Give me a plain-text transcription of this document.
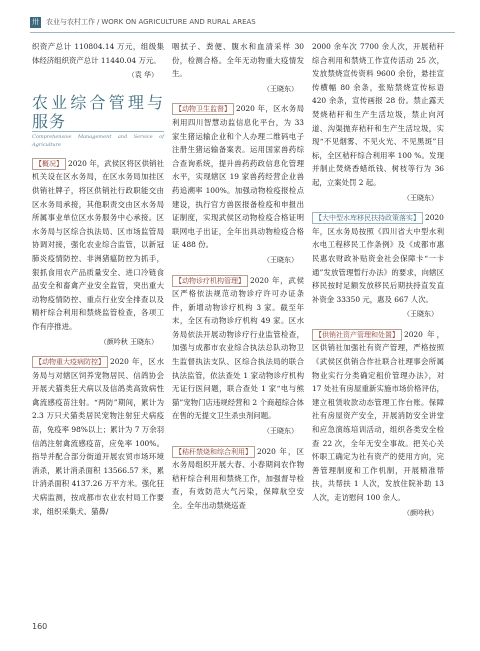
卅 农业与农村工作 / WORK ON AGRICULTURE AND RURAL AREAS

织资产总计 110804.14 万元，组级集体经济组织资产总计 11440.04 万元。

（袁 华）
农业综合管理与服务
Comprehensive Management and Service of Agriculture

【概况】 2020 年，武侯区将区供销社机关设在区水务局，在区水务局加挂区供销社牌子，将区供销社行政职能交由区水务局承接，其他职责交由区水务局所属事业单位区水务服务中心承接。区水务局与区综合执法局、区市场监管局协调对接，强化农业综合监管，以新冠肺炎疫情防控、非洲猪瘟防控为抓手，狠抓食用农产品质量安全、进口冷链食品安全和畜禽产业安全监管，突出重大动物疫情防控、重点行业安全排查以及精杆综合利用和禁烧监管检查，各项工作有序推进。

（颜吟秋 王晓东）

【动物重大疫病防控】 2020 年，区水务局与对辖区饲养宠物居民、信鸽协会开展犬猫类狂犬病以及信鸽类高致病性禽流感疫苗注射。“两防”期间，累计为 2.3 万只犬猫类居民宠物注射狂犬病疫苗，免疫率 98%以上；累计为 7 万余羽信鸽注射禽流感疫苗，应免率 100%。指导并配合部分街道开展农贸市场环境消杀，累计消杀面积 13566.57 米，累计消杀面积 4137.26 万平方米。强化狂犬病监测，按成都市农业农村局工作要求，组织采集犬、猫鼻/

咽拭子、粪便、腹水和血清采样 30 份，检测合格。全年无动物重大疫情发生。

（王晓东）

【动物卫生监督】 2020 年，区水务局利用四川智慧动监信息化平台，为 33 家生猪运输企业和个人办理二维码电子注册生猪运输备案表。运用国家兽药综合查询系统，提升兽药药政信息化管理水平，实现辖区 19 家兽药经营企业兽药追溯率 100%。加强动物检疫报检点建设，执行官方兽医报备检疫和申报出证制度，实现武侯区动物检疫合格证明联网电子出证，全年出具动物检疫合格证 488 份。

（王晓东）

【动物诊疗机构管理】 2020 年，武侯区严格依法规范动物诊疗许可办证条件，新增动物诊疗机构 3 家。截至年末，全区有动物诊疗机构 49 家。区水务局依法开展动物诊疗行业监管检查，加强与成都市农业综合执法总队动物卫生监督执法支队、区综合执法局的联合执法监管，依法查处 1 家动物诊疗机构无证行医问题，联合查处 1 家“电与熊猫”宠物门店违规经营和 2 个商超综合体在售的无提文卫生杀虫剂问题。

（王晓东）

【秸秆禁烧和综合利用】 2020 年，区水务局组织开展大春、小春期间农作物秸秆综合利用和禁烧工作，加强督导检查，有效防范大气污染，保障航空安全。全年出动禁烧巡查

2000 余车次 7700 余人次，开展秸秆综合利用和禁烧工作宣传活动 25 次，发放禁烧宣传资料 9600 余份，悬挂宣传横幅 80 余条，张贴禁烧宣传标语 420 余条，宣传画报 28 份。禁止露天焚烧秸秆和生产生活垃圾，禁止向河道、沟渠抛弃秸秆和生产生活垃圾，实现“不见烟雾、不见火光、不见黑斑”目标，全区秸秆综合利用率 100 %。发现并制止焚烧香蜡纸钱、树枝等行为 36 起，立案处罚 2 起。

（王晓东）

【大中型水库移民扶持政策落实】 2020 年，区水务局按照《四川省大中型水利水电工程移民工作条例》及《成都市惠民惠农财政补贴资金社会保障卡“一卡通”发放管理暂行办法》的要求，向辖区移民按时足额发放移民后期扶持直发直补资金 33350 元，惠及 667 人次。

（王晓东）

【供销社资产管理和处置】 2020 年，区供销社加强社有资产管理，严格按照《武侯区供销合作社联合社理事会所属物业实行分类确定租价管理办法》，对 17 处社有房屋重新实施市场价格评估，建立租赁收款动态管理工作台账。保障社有房屋资产安全，开展消防安全讲堂和应急演练培训活动，组织各类安全检查 22 次，全年无安全事故。把关心关怀职工确定为社有资产的使用方向，完善管理制度和工作机制，开展精准帮扶，共帮扶 1 人次，发放住院补助 13 人次，走访慰问 100 余人。

（颜吟秋）
160
